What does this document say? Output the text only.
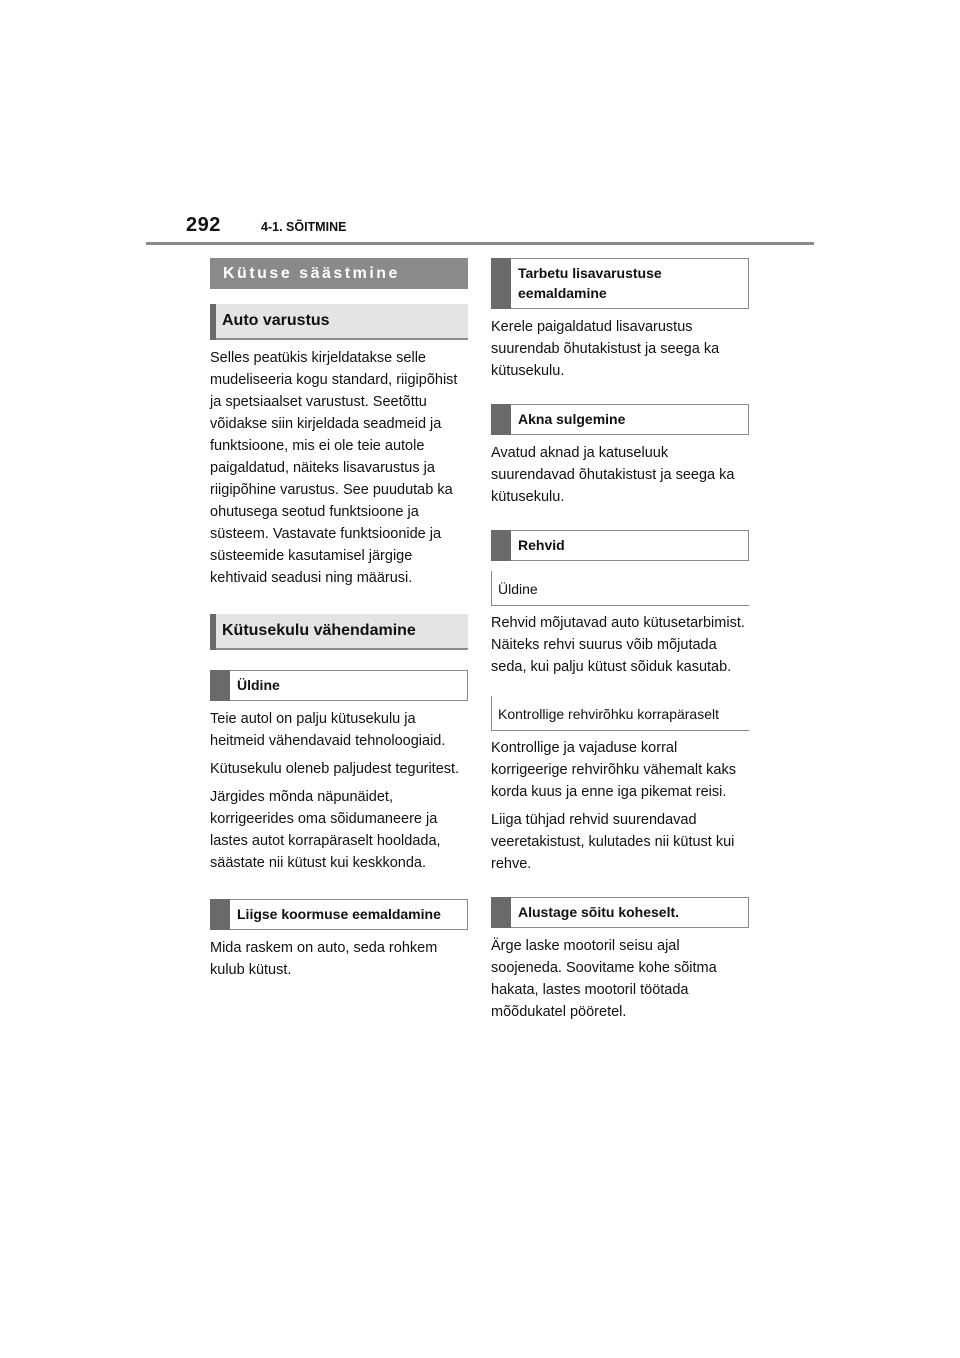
292	4-1. SÕITMINE
Kütuse säästmine
Auto varustus

Selles peatükis kirjeldatakse selle mudeliseeria kogu standard, riigipõhist ja spetsiaalset varustust. Seetõttu võidakse siin kirjeldada seadmeid ja funktsioone, mis ei ole teie autole paigaldatud, näiteks lisavarustus ja riigipõhine varustus. See puudutab ka ohutusega seotud funktsioone ja süsteem. Vastavate funktsioonide ja süsteemide kasutamisel järgige kehtivaid seadusi ning määrusi.

Kütusekulu vähendamine
Üldine

Teie autol on palju kütusekulu ja heitmeid vähendavaid tehnoloogiaid.

Kütusekulu oleneb paljudest teguritest.

Järgides mõnda näpunäidet, korrigeerides oma sõidumaneere ja lastes autot korrapäraselt hooldada, säästate nii kütust kui keskkonda.

Liigse koormuse eemaldamine

Mida raskem on auto, seda rohkem kulub kütust.

Tarbetu lisavarustuse eemaldamine

Kerele paigaldatud lisavarustus suurendab õhutakistust ja seega ka kütusekulu.

Akna sulgemine

Avatud aknad ja katuseluuk suurendavad õhutakistust ja seega ka kütusekulu.

Rehvid
Üldine

Rehvid mõjutavad auto kütusetarbimist. Näiteks rehvi suurus võib mõjutada seda, kui palju kütust sõiduk kasutab.

Kontrollige rehvirõhku korrapäraselt

Kontrollige ja vajaduse korral korrigeerige rehvirõhku vähemalt kaks korda kuus ja enne iga pikemat reisi.

Liiga tühjad rehvid suurendavad veeretakistust, kulutades nii kütust kui rehve.

Alustage sõitu koheselt.

Ärge laske mootoril seisu ajal soojeneda. Soovitame kohe sõitma hakata, lastes mootoril töötada mõõdukatel pööretel.
